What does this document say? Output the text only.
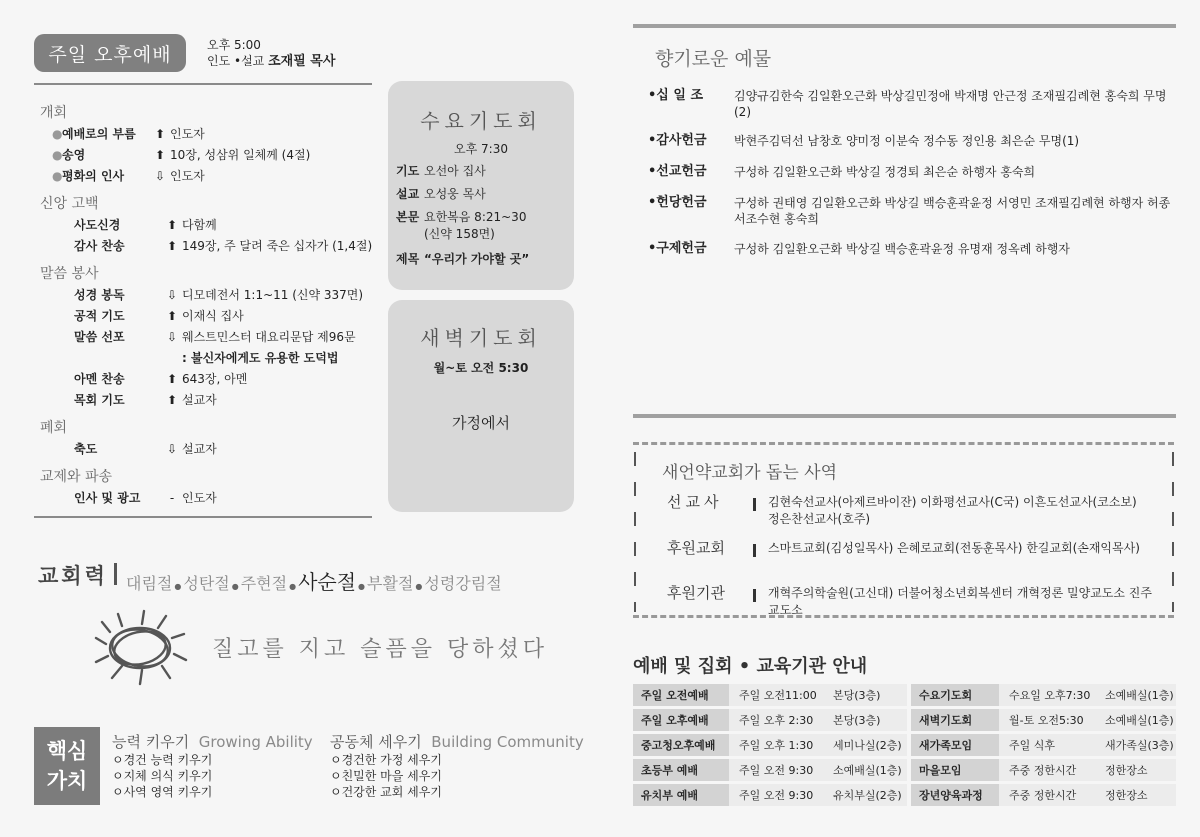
주일 오후예배	오후 5:00
인도 •설교 조재필 목사
개회
● 예배로의 부름	⬆ 인도자
● 송영	⬆ 10장, 성삼위 일체께 (4절)
● 평화의 인사	⇩ 인도자
신앙 고백
사도신경	⬆ 다함께
감사 찬송	⬆ 149장, 주 달려 죽은 십자가 (1,4절)
말씀 봉사
성경 봉독	⇩ 디모데전서 1:1~11 (신약 337면)
공적 기도	⬆ 이재식 집사
말씀 선포	⇩ 웨스트민스터 대요리문답 제96문
: 불신자에게도 유용한 도덕법
아멘 찬송	⬆ 643장, 아멘
목회 기도	⬆ 설교자
폐회
축도	⇩ 설교자
교제와 파송
인사 및 광고	- 인도자
수요기도회
오후 7:30
기도 오선아 집사
설교 오성웅 목사
본문 요한복음 8:21~30
(신약 158면)
제목 “우리가 가야할 곳”
새벽기도회
월~토 오전 5:30
가정에서
교회력 대림절 ● 성탄절 ● 주현절 ● 사순절 ● 부활절 ● 성령강림절
질고를 지고 슬픔을 당하셨다
핵심
가치
능력 키우기 Growing Ability
ㅇ경건 능력 키우기
ㅇ지체 의식 키우기
ㅇ사역 영역 키우기
공동체 세우기 Building Community
ㅇ경건한 가정 세우기
ㅇ친밀한 마을 세우기
ㅇ건강한 교회 세우기
향기로운 예물
•십 일 조	김양규김한숙 김일환오근화 박상길민정애 박재명 안근정 조재필김례현 홍숙희 무명(2)
•감사헌금	박현주김덕선 남창호 양미정 이분숙 정수동 정인용 최은순 무명(1)
•선교헌금	구성하 김일환오근화 박상길 정경퇴 최은순 하행자 홍숙희
•헌당헌금	구성하 권태영 김일환오근화 박상길 백승훈곽윤정 서영민 조재필김례현 하행자 허종서조수현 홍숙희
•구제헌금	구성하 김일환오근화 박상길 백승훈곽윤정 유명재 정옥례 하행자
새언약교회가 돕는 사역
선교사	김현숙선교사(아제르바이잔) 이화평선교사(C국) 이흔도선교사(코소보)
정은찬선교사(호주)
후원교회	스마트교회(김성일목사) 은혜로교회(전동훈목사) 한길교회(손재익목사)
후원기관	개혁주의학술원(고신대) 더불어청소년회복센터 개혁정론 밀양교도소 진주교도소
예배 및 집회 • 교육기관 안내
주일 오전예배	주일 오전11:00	본당(3층)		수요기도회	수요일 오후7:30	소예배실(1층)
주일 오후예배	주일 오후 2:30	본당(3층)		새벽기도회	월-토 오전5:30	소예배실(1층)
중고청오후예배	주일 오후 1:30	세미나실(2층)		새가족모임	주일 식후	새가족실(3층)
초등부 예배	주일 오전 9:30	소예배실(1층)		마을모임	주중 정한시간	정한장소
유치부 예배	주일 오전 9:30	유치부실(2층)		장년양육과정	주중 정한시간	정한장소
